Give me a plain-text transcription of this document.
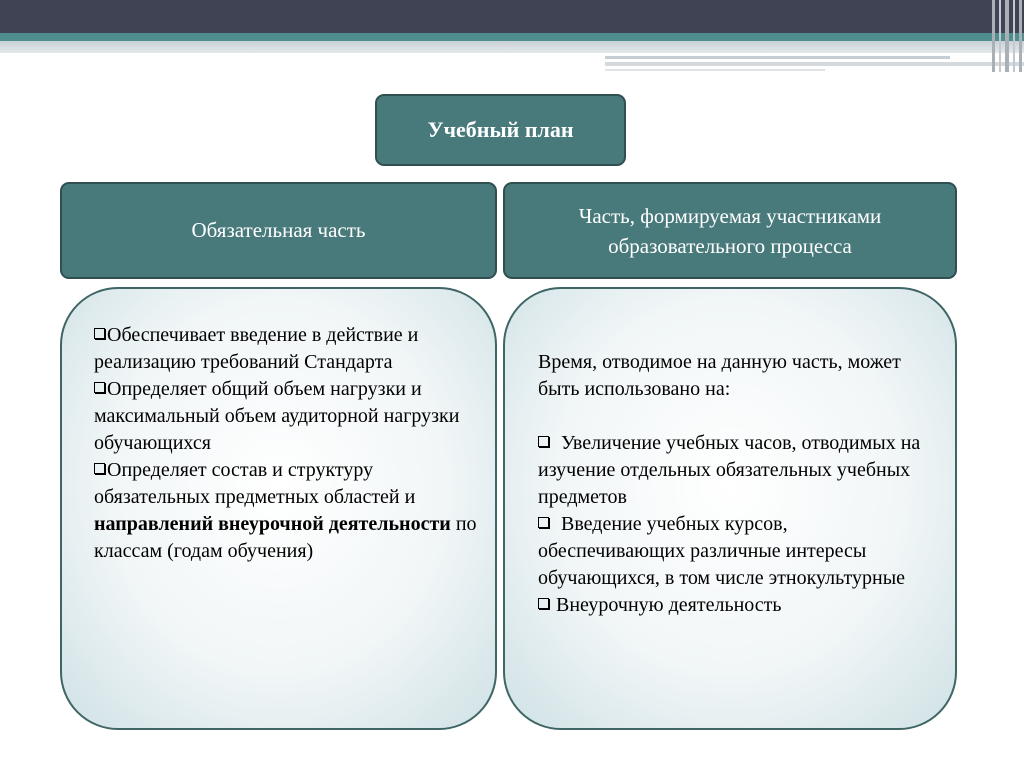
Учебный план
Обязательная часть
Часть, формируемая участниками образовательного процесса

Обеспечивает введение в действие и реализацию требований Стандарта

Определяет общий объем нагрузки и максимальный объем аудиторной нагрузки обучающихся

Определяет состав и структуру обязательных предметных областей и направлений внеурочной деятельности по классам (годам обучения)

Время, отводимое на данную часть, может быть использовано на:

Увеличение учебных часов, отводимых на изучение отдельных обязательных учебных предметов

Введение учебных курсов, обеспечивающих различные интересы обучающихся, в том числе этнокультурные

Внеурочную деятельность
